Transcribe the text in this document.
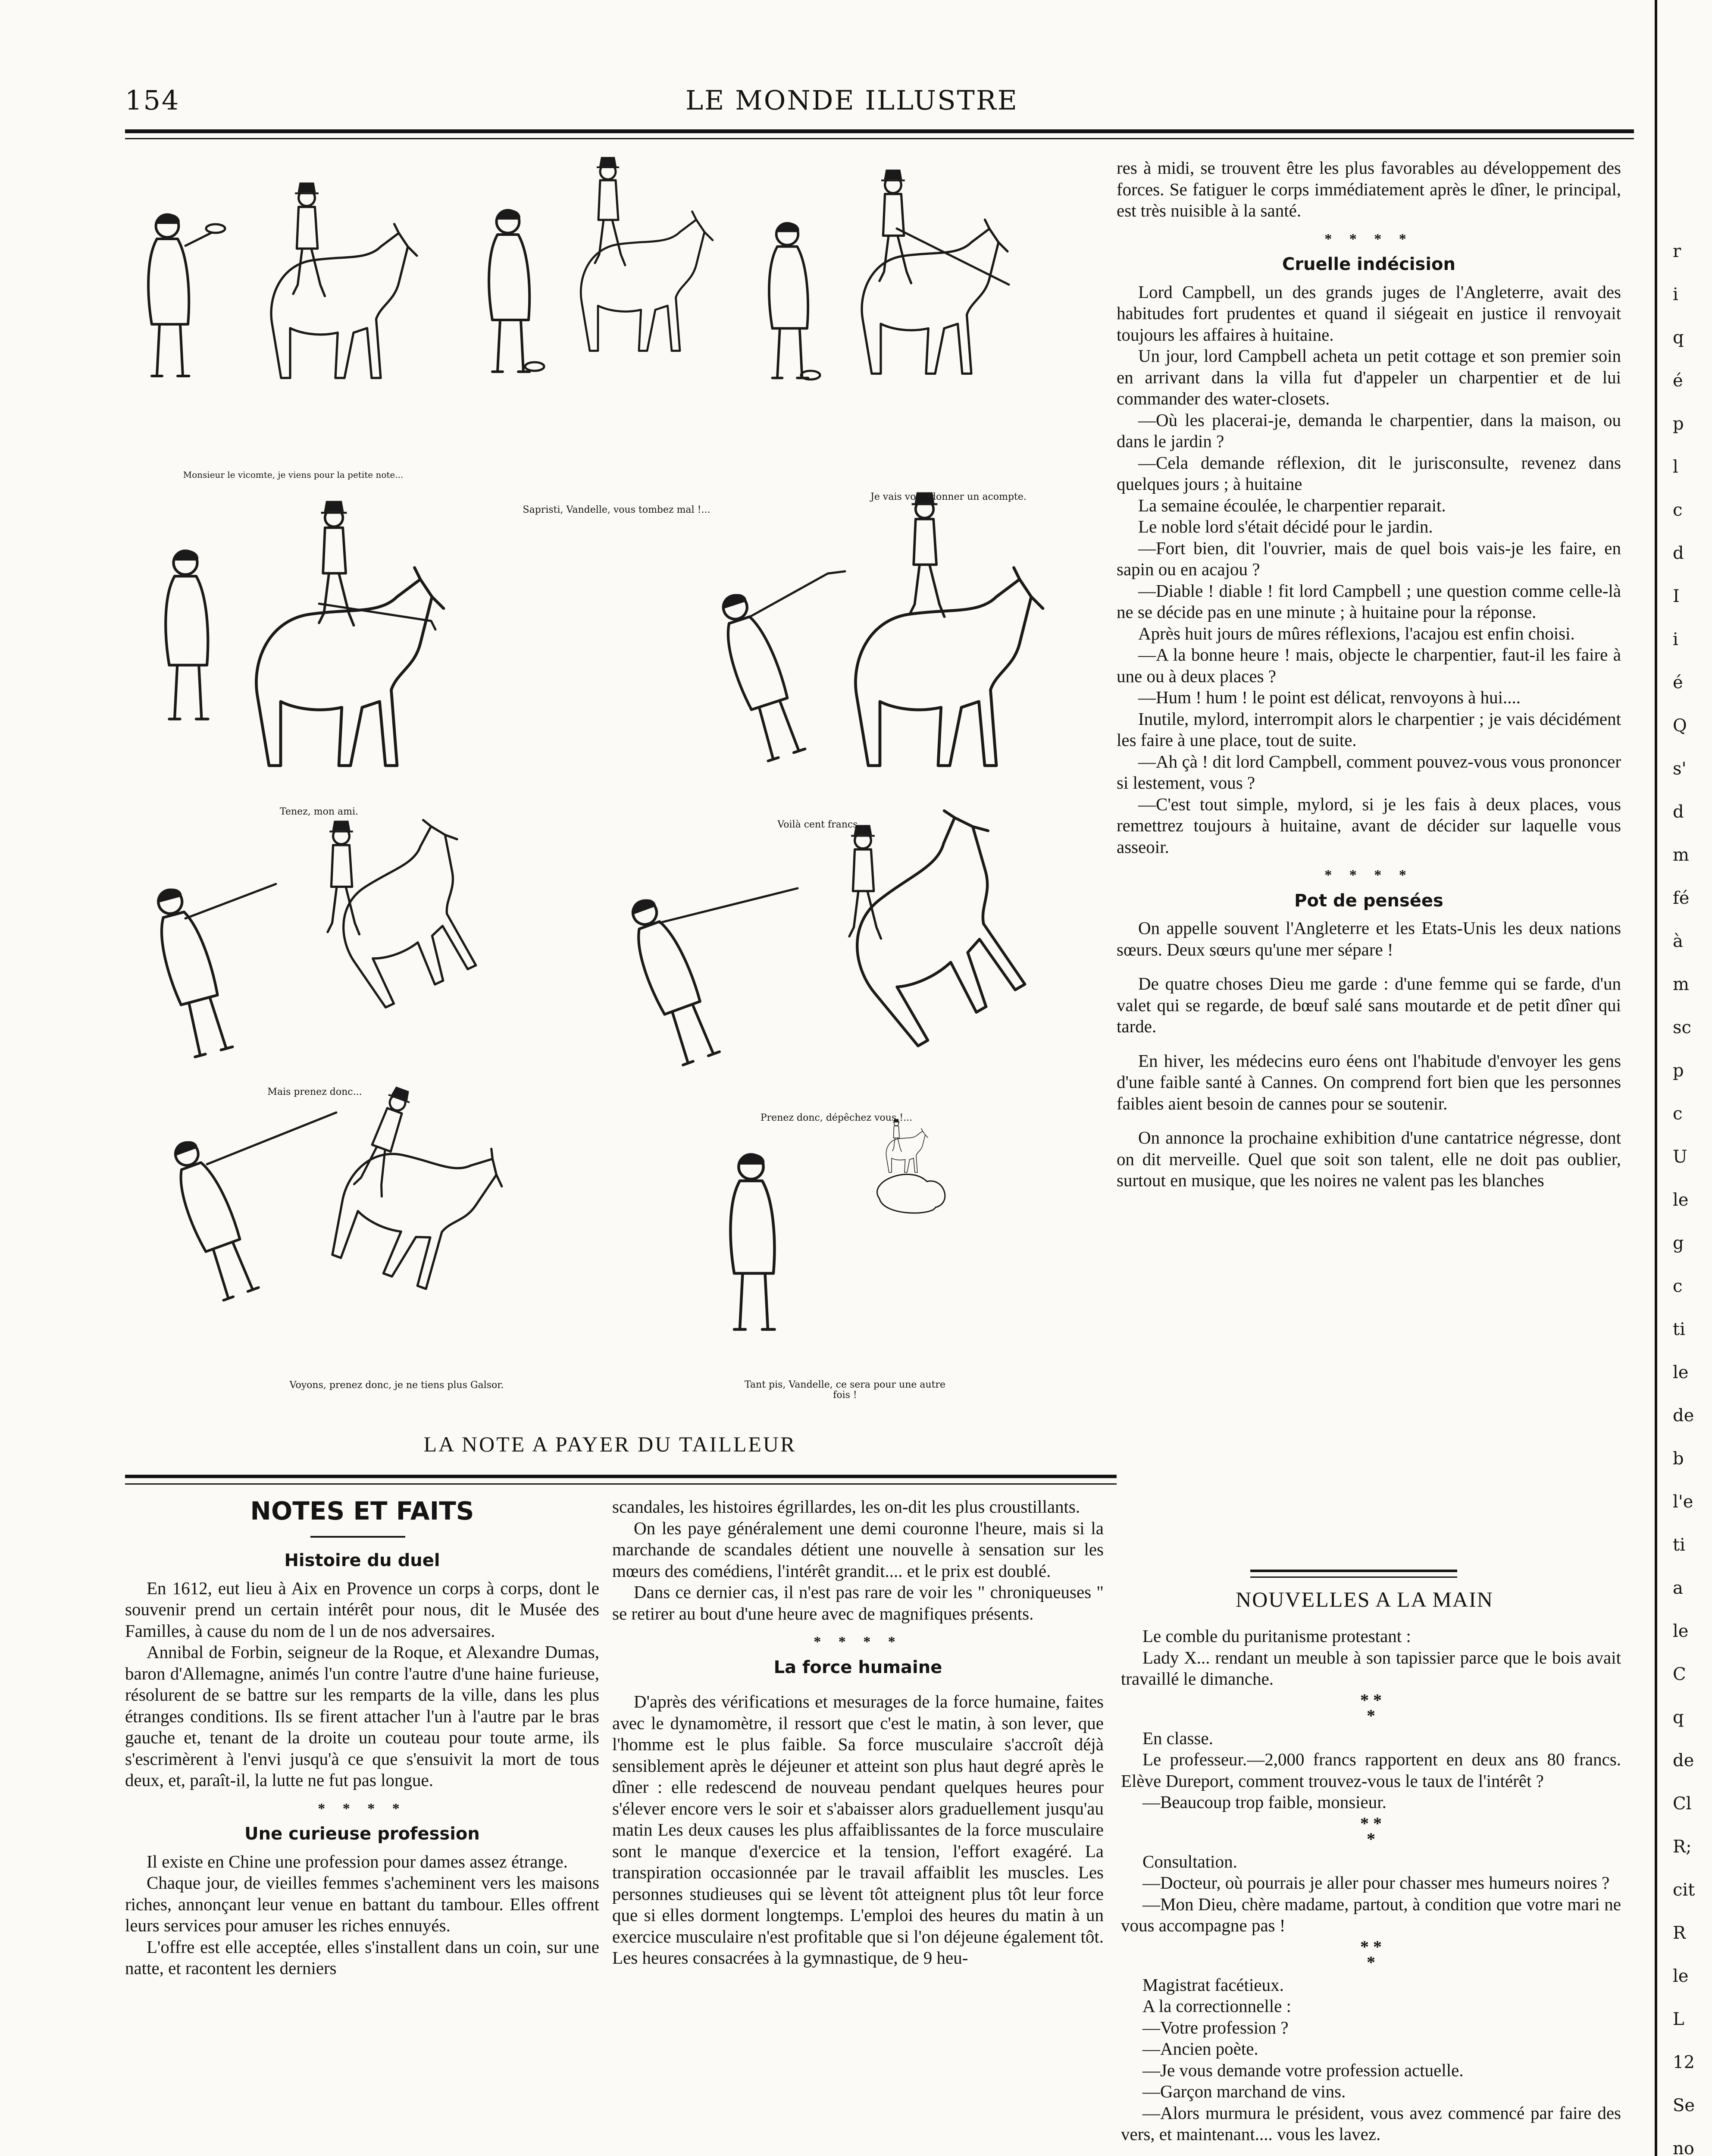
154	LE MONDE ILLUSTRE
r
i
q
é
p
l
c
d
I
i
é
Q
s'
d
m
fé
à
m
sc
p
c
U
le
g
c
ti
le
de
b
l'e
ti
a
le
C
q
de
Cl
R;
cit
R
le
L
12
Se
no
Monsieur le vicomte, je viens pour la petite note...
Sapristi, Vandelle, vous tombez mal !...
Je vais vous donner un acompte.
Tenez, mon ami.
Voilà cent francs.
Mais prenez donc...
Prenez donc, dépêchez vous !...
Voyons, prenez donc, je ne tiens plus Galsor.	Tant pis, Vandelle, ce sera pour une autre fois !
LA NOTE A PAYER DU TAILLEUR

res à midi, se trouvent être les plus favorables au développement des forces. Se fatiguer le corps immédiatement après le dîner, le principal, est très nuisible à la santé.

* * * *
Cruelle indécision

Lord Campbell, un des grands juges de l'Angleterre, avait des habitudes fort prudentes et quand il siégeait en justice il renvoyait toujours les affaires à huitaine.

Un jour, lord Campbell acheta un petit cottage et son premier soin en arrivant dans la villa fut d'appeler un charpentier et de lui commander des water-closets.

—Où les placerai-je, demanda le charpentier, dans la maison, ou dans le jardin ?

—Cela demande réflexion, dit le jurisconsulte, revenez dans quelques jours ; à huitaine

La semaine écoulée, le charpentier reparait.

Le noble lord s'était décidé pour le jardin.

—Fort bien, dit l'ouvrier, mais de quel bois vais-je les faire, en sapin ou en acajou ?

—Diable ! diable ! fit lord Campbell ; une question comme celle-là ne se décide pas en une minute ; à huitaine pour la réponse.

Après huit jours de mûres réflexions, l'acajou est enfin choisi.

—A la bonne heure ! mais, objecte le charpentier, faut-il les faire à une ou à deux places ?

—Hum ! hum ! le point est délicat, renvoyons à hui....

Inutile, mylord, interrompit alors le charpentier ; je vais décidément les faire à une place, tout de suite.

—Ah çà ! dit lord Campbell, comment pouvez-vous vous prononcer si lestement, vous ?

—C'est tout simple, mylord, si je les fais à deux places, vous remettrez toujours à huitaine, avant de décider sur laquelle vous asseoir.

* * * *
Pot de pensées

On appelle souvent l'Angleterre et les Etats-Unis les deux nations sœurs. Deux sœurs qu'une mer sépare !

De quatre choses Dieu me garde : d'une femme qui se farde, d'un valet qui se regarde, de bœuf salé sans moutarde et de petit dîner qui tarde.

En hiver, les médecins euro éens ont l'habitude d'envoyer les gens d'une faible santé à Cannes. On comprend fort bien que les personnes faibles aient besoin de cannes pour se soutenir.

On annonce la prochaine exhibition d'une cantatrice négresse, dont on dit merveille. Quel que soit son talent, elle ne doit pas oublier, surtout en musique, que les noires ne valent pas les blanches

NOTES ET FAITS
Histoire du duel

En 1612, eut lieu à Aix en Provence un corps à corps, dont le souvenir prend un certain intérêt pour nous, dit le Musée des Familles, à cause du nom de l un de nos adversaires.

Annibal de Forbin, seigneur de la Roque, et Alexandre Dumas, baron d'Allemagne, animés l'un contre l'autre d'une haine furieuse, résolurent de se battre sur les remparts de la ville, dans les plus étranges conditions. Ils se firent attacher l'un à l'autre par le bras gauche et, tenant de la droite un couteau pour toute arme, ils s'escrimèrent à l'envi jusqu'à ce que s'ensuivit la mort de tous deux, et, paraît-il, la lutte ne fut pas longue.

* * * *
Une curieuse profession

Il existe en Chine une profession pour dames assez étrange.

Chaque jour, de vieilles femmes s'acheminent vers les maisons riches, annonçant leur venue en battant du tambour. Elles offrent leurs services pour amuser les riches ennuyés.

L'offre est elle acceptée, elles s'installent dans un coin, sur une natte, et racontent les derniers

scandales, les histoires égrillardes, les on-dit les plus croustillants.

On les paye généralement une demi couronne l'heure, mais si la marchande de scandales détient une nouvelle à sensation sur les mœurs des comédiens, l'intérêt grandit.... et le prix est doublé.

Dans ce dernier cas, il n'est pas rare de voir les " chroniqueuses " se retirer au bout d'une heure avec de magnifiques présents.

* * * *
La force humaine

D'après des vérifications et mesurages de la force humaine, faites avec le dynamomètre, il ressort que c'est le matin, à son lever, que l'homme est le plus faible. Sa force musculaire s'accroît déjà sensiblement après le déjeuner et atteint son plus haut degré après le dîner : elle redescend de nouveau pendant quelques heures pour s'élever encore vers le soir et s'abaisser alors graduellement jusqu'au matin Les deux causes les plus affaiblissantes de la force musculaire sont le manque d'exercice et la tension, l'effort exagéré. La transpiration occasionnée par le travail affaiblit les muscles. Les personnes studieuses qui se lèvent tôt atteignent plus tôt leur force que si elles dorment longtemps. L'emploi des heures du matin à un exercice musculaire n'est profitable que si l'on déjeune également tôt. Les heures consacrées à la gymnastique, de 9 heu-

NOUVELLES A LA MAIN

Le comble du puritanisme protestant :

Lady X... rendant un meuble à son tapissier parce que le bois avait travaillé le dimanche.

* *
*

En classe.

Le professeur.—2,000 francs rapportent en deux ans 80 francs. Elève Dureport, comment trouvez-vous le taux de l'intérêt ?

—Beaucoup trop faible, monsieur.

* *
*

Consultation.

—Docteur, où pourrais je aller pour chasser mes humeurs noires ?

—Mon Dieu, chère madame, partout, à condition que votre mari ne vous accompagne pas !

* *
*

Magistrat facétieux.

A la correctionnelle :

—Votre profession ?

—Ancien poète.

—Je vous demande votre profession actuelle.

—Garçon marchand de vins.

—Alors murmura le président, vous avez commencé par faire des vers, et maintenant.... vous les lavez.
